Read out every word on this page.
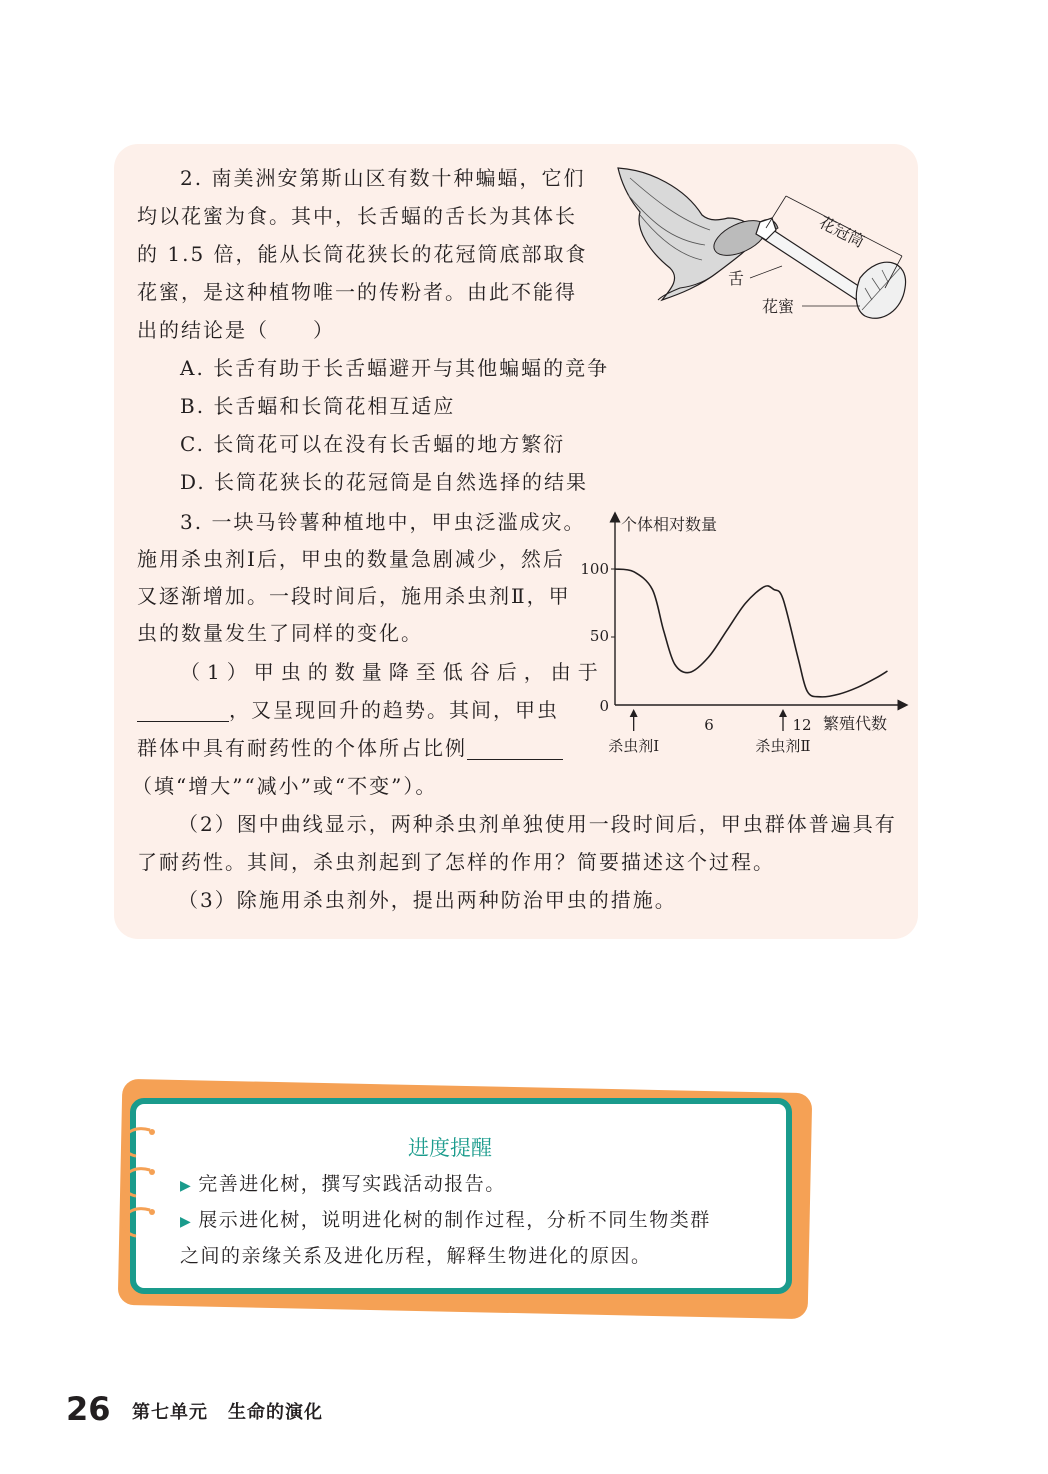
2. 南美洲安第斯山区有数十种蝙蝠，它们
均以花蜜为食。其中，长舌蝠的舌长为其体长
的 1.5 倍，能从长筒花狭长的花冠筒底部取食
花蜜，是这种植物唯一的传粉者。由此不能得
出的结论是（　　）
A. 长舌有助于长舌蝠避开与其他蝙蝠的竞争
B. 长舌蝠和长筒花相互适应
C. 长筒花可以在没有长舌蝠的地方繁衍
D. 长筒花狭长的花冠筒是自然选择的结果
花冠筒
舌
花蜜
3. 一块马铃薯种植地中，甲虫泛滥成灾。
施用杀虫剂Ⅰ后，甲虫的数量急剧减少，然后
又逐渐增加。一段时间后，施用杀虫剂Ⅱ，甲
虫的数量发生了同样的变化。
（1）甲虫的数量降至低谷后，由于
，又呈现回升的趋势。其间，甲虫
群体中具有耐药性的个体所占比例
（填“增大”“减小”或“不变”）。
（2）图中曲线显示，两种杀虫剂单独使用一段时间后，甲虫群体普遍具有
了耐药性。其间，杀虫剂起到了怎样的作用？简要描述这个过程。
（3）除施用杀虫剂外，提出两种防治甲虫的措施。
个体相对数量
繁殖代数
100
50
0
6	12
杀虫剂Ⅰ	杀虫剂Ⅱ
进度提醒
▶ 完善进化树，撰写实践活动报告。
▶ 展示进化树，说明进化树的制作过程，分析不同生物类群
之间的亲缘关系及进化历程，解释生物进化的原因。
26 第七单元 生命的演化
